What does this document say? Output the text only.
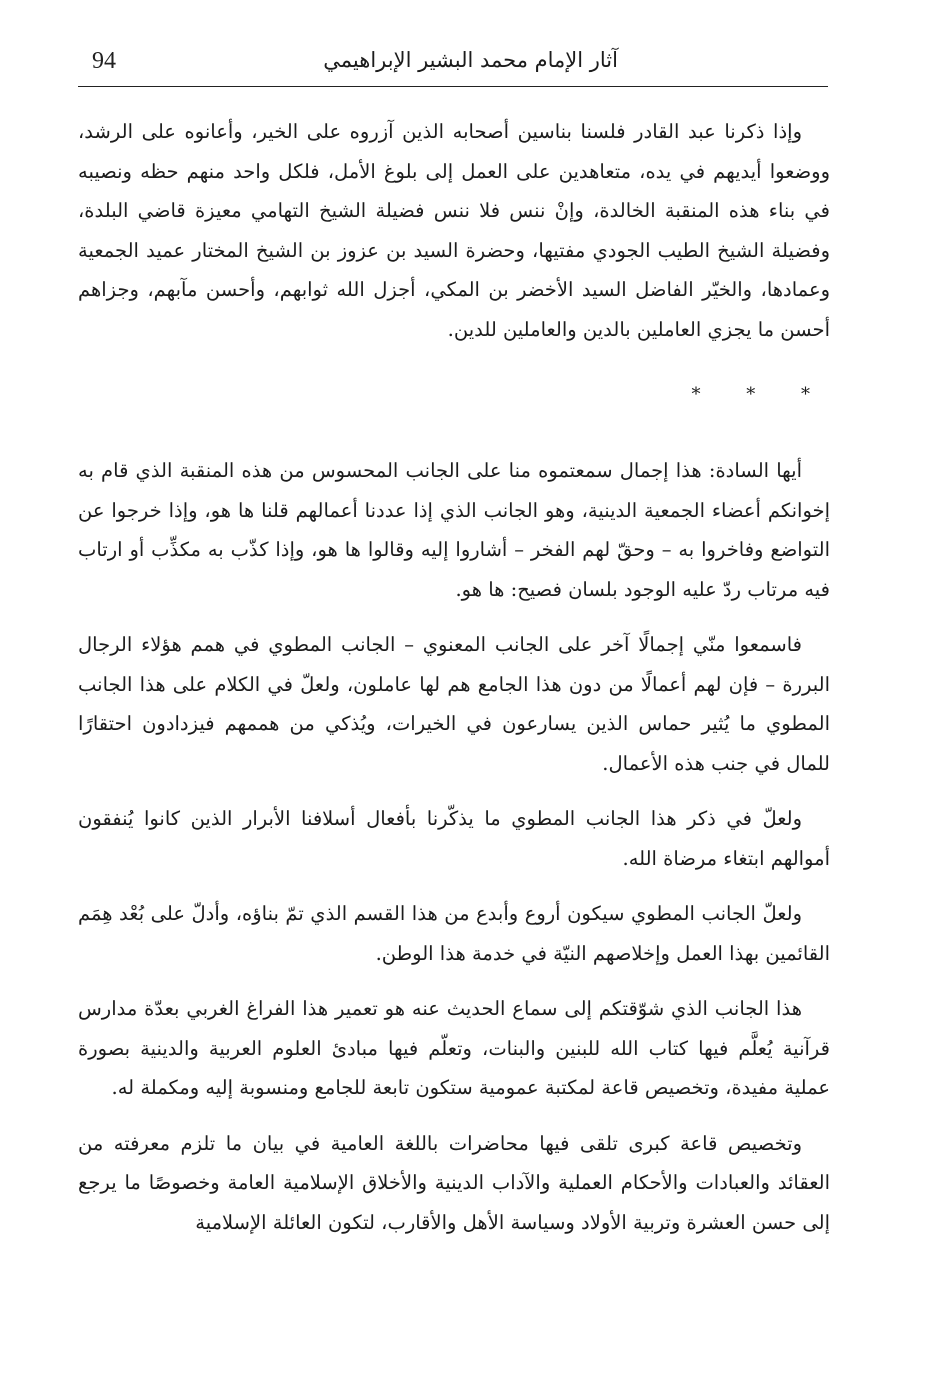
94	آثار الإمام محمد البشير الإبراهيمي

وإذا ذكرنا عبد القادر فلسنا بناسين أصحابه الذين آزروه على الخير، وأعانوه على الرشد، ووضعوا أيديهم في يده، متعاهدين على العمل إلى بلوغ الأمل، فلكل واحد منهم حظه ونصيبه في بناء هذه المنقبة الخالدة، وإنْ ننس فلا ننس فضيلة الشيخ التهامي معيزة قاضي البلدة، وفضيلة الشيخ الطيب الجودي مفتيها، وحضرة السيد بن عزوز بن الشيخ المختار عميد الجمعية وعمادها، والخيّر الفاضل السيد الأخضر بن المكي، أجزل الله ثوابهم، وأحسن مآبهم، وجزاهم أحسن ما يجزي العاملين بالدين والعاملين للدين.

* * *

أيها السادة: هذا إجمال سمعتموه منا على الجانب المحسوس من هذه المنقبة الذي قام به إخوانكم أعضاء الجمعية الدينية، وهو الجانب الذي إذا عددنا أعمالهم قلنا ها هو، وإذا خرجوا عن التواضع وفاخروا به – وحقّ لهم الفخر – أشاروا إليه وقالوا ها هو، وإذا كذّب به مكذِّب أو ارتاب فيه مرتاب ردّ عليه الوجود بلسان فصيح: ها هو.

فاسمعوا منّي إجمالًا آخر على الجانب المعنوي – الجانب المطوي في همم هؤلاء الرجال البررة – فإن لهم أعمالًا من دون هذا الجامع هم لها عاملون، ولعلّ في الكلام على هذا الجانب المطوي ما يُثير حماس الذين يسارعون في الخيرات، ويُذكي من هممهم فيزدادون احتقارًا للمال في جنب هذه الأعمال.

ولعلّ في ذكر هذا الجانب المطوي ما يذكّرنا بأفعال أسلافنا الأبرار الذين كانوا يُنفقون أموالهم ابتغاء مرضاة الله.

ولعلّ الجانب المطوي سيكون أروع وأبدع من هذا القسم الذي تمّ بناؤه، وأدلّ على بُعْد هِمَم القائمين بهذا العمل وإخلاصهم النيّة في خدمة هذا الوطن.

هذا الجانب الذي شوّقتكم إلى سماع الحديث عنه هو تعمير هذا الفراغ الغربي بعدّة مدارس قرآنية يُعلَّم فيها كتاب الله للبنين والبنات، وتعلّم فيها مبادئ العلوم العربية والدينية بصورة عملية مفيدة، وتخصيص قاعة لمكتبة عمومية ستكون تابعة للجامع ومنسوبة إليه ومكملة له.

وتخصيص قاعة كبرى تلقى فيها محاضرات باللغة العامية في بيان ما تلزم معرفته من العقائد والعبادات والأحكام العملية والآداب الدينية والأخلاق الإسلامية العامة وخصوصًا ما يرجع إلى حسن العشرة وتربية الأولاد وسياسة الأهل والأقارب، لتكون العائلة الإسلامية
